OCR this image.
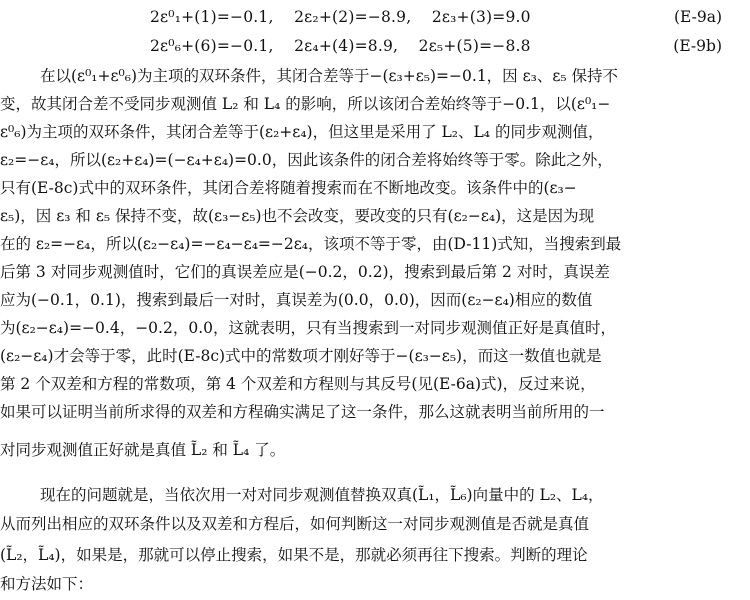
2ε⁰₁+(1)=−0.1,    2ε₂+(2)=−8.9,    2ε₃+(3)=9.0	(E-9a)
2ε⁰₆+(6)=−0.1,    2ε₄+(4)=8.9,    2ε₅+(5)=−8.8	(E-9b)
在以(ε⁰₁+ε⁰₆)为主项的双环条件，其闭合差等于−(ε₃+ε₅)=−0.1，因 ε₃、ε₅ 保持不
变，故其闭合差不受同步观测值 L₂ 和 L₄ 的影响，所以该闭合差始终等于−0.1，以(ε⁰₁−
ε⁰₆)为主项的双环条件，其闭合差等于(ε₂+ε₄)，但这里是采用了 L₂、L₄ 的同步观测值，
ε₂=−ε₄，所以(ε₂+ε₄)=(−ε₄+ε₄)=0.0，因此该条件的闭合差将始终等于零。除此之外，
只有(E-8c)式中的双环条件，其闭合差将随着搜索而在不断地改变。该条件中的(ε₃−
ε₅)，因 ε₃ 和 ε₅ 保持不变，故(ε₃−ε₅)也不会改变，要改变的只有(ε₂−ε₄)，这是因为现
在的 ε₂=−ε₄，所以(ε₂−ε₄)=−ε₄−ε₄=−2ε₄，该项不等于零，由(D-11)式知，当搜索到最
后第 3 对同步观测值时，它们的真误差应是(−0.2，0.2)，搜索到最后第 2 对时，真误差
应为(−0.1，0.1)，搜索到最后一对时，真误差为(0.0，0.0)，因而(ε₂−ε₄)相应的数值
为(ε₂−ε₄)=−0.4，−0.2，0.0，这就表明，只有当搜索到一对同步观测值正好是真值时，
(ε₂−ε₄)才会等于零，此时(E-8c)式中的常数项才刚好等于−(ε₃−ε₅)，而这一数值也就是
第 2 个双差和方程的常数项，第 4 个双差和方程则与其反号(见(E-6a)式)，反过来说，
如果可以证明当前所求得的双差和方程确实满足了这一条件，那么这就表明当前所用的一
对同步观测值正好就是真值 L̃₂ 和 L̃₄ 了。
现在的问题就是，当依次用一对对同步观测值替换双真(L̃₁，L̃₆)向量中的 L₂、L₄，
从而列出相应的双环条件以及双差和方程后，如何判断这一对同步观测值是否就是真值
(L̃₂，L̃₄)，如果是，那就可以停止搜索，如果不是，那就必须再往下搜索。判断的理论
和方法如下：
